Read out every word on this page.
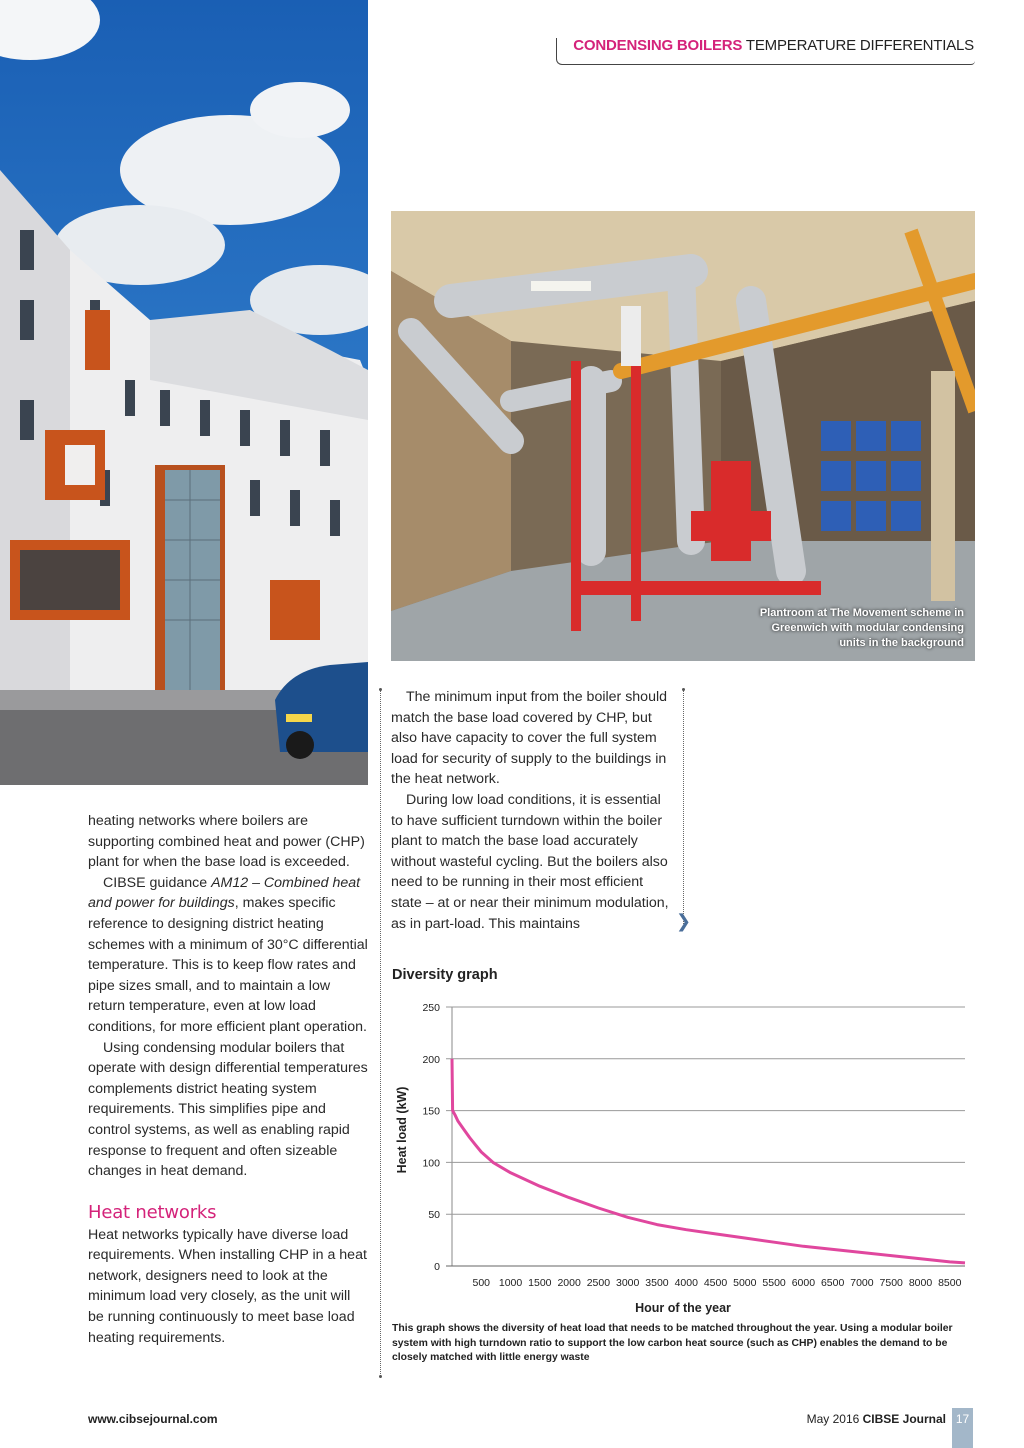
CONDENSING BOILERS TEMPERATURE DIFFERENTIALS
Plantroom at The Movement scheme in Greenwich with modular condensing units in the background

heating networks where boilers are supporting combined heat and power (CHP) plant for when the base load is exceeded.

CIBSE guidance AM12 – Combined heat and power for buildings, makes specific reference to designing district heating schemes with a minimum of 30°C differential temperature. This is to keep flow rates and pipe sizes small, and to maintain a low return temperature, even at low load conditions, for more efficient plant operation.

Using condensing modular boilers that operate with design differential temperatures complements district heating system requirements. This simplifies pipe and control systems, as well as enabling rapid response to frequent and often sizeable changes in heat demand.

Heat networks

Heat networks typically have diverse load requirements. When installing CHP in a heat network, designers need to look at the minimum load very closely, as the unit will be running continuously to meet base load heating requirements.

The minimum input from the boiler should match the base load covered by CHP, but also have capacity to cover the full system load for security of supply to the buildings in the heat network.

During low load conditions, it is essential to have sufficient turndown within the boiler plant to match the base load accurately without wasteful cycling. But the boilers also need to be running in their most efficient state – at or near their minimum modulation, as in part-load. This maintains	❯
Diversity graph
0
50
100
150
200
250
500 1000 1500 2000 2500 3000 3500 4000 4500 5000 5500 6000 6500 7000 7500 8000 8500
Heat load (kW)
Hour of the year
This graph shows the diversity of heat load that needs to be matched throughout the year. Using a modular boiler system with high turndown ratio to support the low carbon heat source (such as CHP) enables the demand to be closely matched with little energy waste
www.cibsejournal.com	May 2016 CIBSE Journal 17
